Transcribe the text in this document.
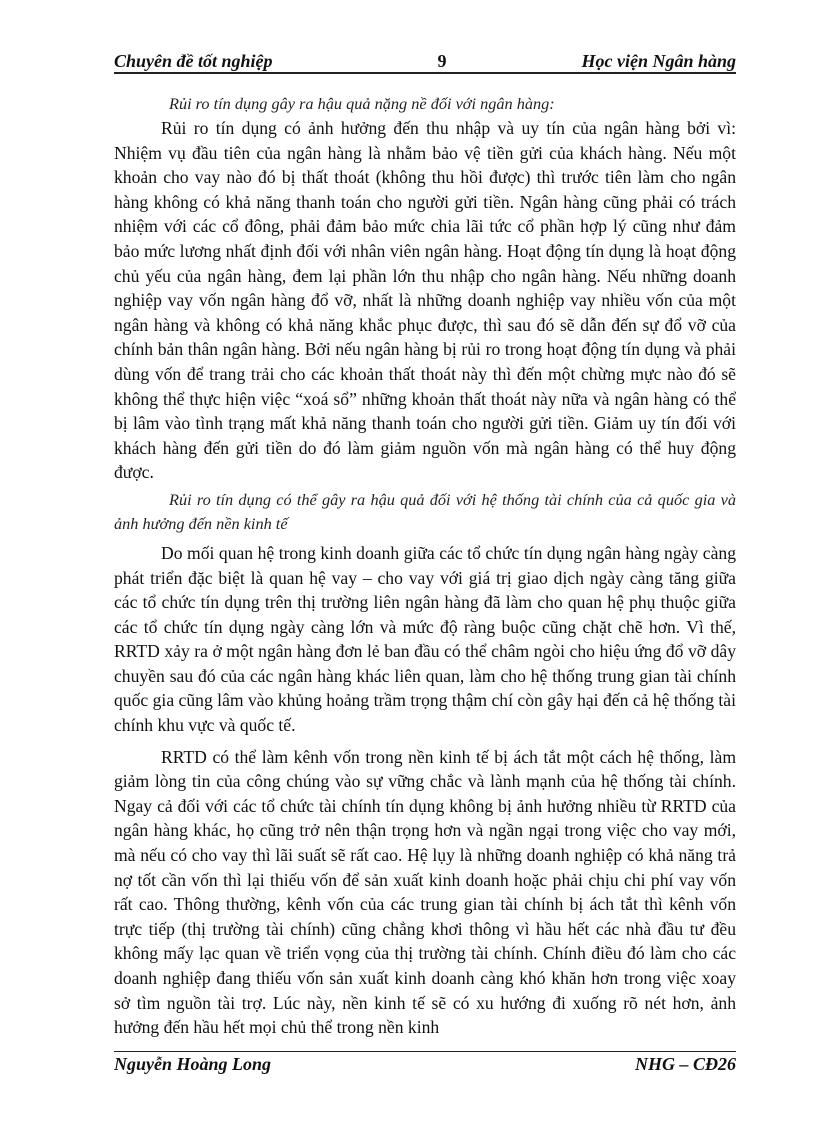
Chuyên đề tốt nghiệp	9	Học viện Ngân hàng

Rủi ro tín dụng gây ra hậu quả nặng nề đối với ngân hàng:

Rủi ro tín dụng có ảnh hưởng đến thu nhập và uy tín của ngân hàng bởi vì: Nhiệm vụ đầu tiên của ngân hàng là nhằm bảo vệ tiền gửi của khách hàng. Nếu một khoản cho vay nào đó bị thất thoát (không thu hồi được) thì trước tiên làm cho ngân hàng không có khả năng thanh toán cho người gửi tiền. Ngân hàng cũng phải có trách nhiệm với các cổ đông, phải đảm bảo mức chia lãi tức cổ phần hợp lý cũng như đảm bảo mức lương nhất định đối với nhân viên ngân hàng. Hoạt động tín dụng là hoạt động chủ yếu của ngân hàng, đem lại phần lớn thu nhập cho ngân hàng. Nếu những doanh nghiệp vay vốn ngân hàng đổ vỡ, nhất là những doanh nghiệp vay nhiều vốn của một ngân hàng và không có khả năng khắc phục được, thì sau đó sẽ dẫn đến sự đổ vỡ của chính bản thân ngân hàng. Bởi nếu ngân hàng bị rủi ro trong hoạt động tín dụng và phải dùng vốn để trang trải cho các khoản thất thoát này thì đến một chừng mực nào đó sẽ không thể thực hiện việc “xoá sổ” những khoản thất thoát này nữa và ngân hàng có thể bị lâm vào tình trạng mất khả năng thanh toán cho người gửi tiền. Giảm uy tín đối với khách hàng đến gửi tiền do đó làm giảm nguồn vốn mà ngân hàng có thể huy động được.

Rủi ro tín dụng có thể gây ra hậu quả đối với hệ thống tài chính của cả quốc gia và ảnh hưởng đến nền kinh tế

Do mối quan hệ trong kinh doanh giữa các tổ chức tín dụng ngân hàng ngày càng phát triển đặc biệt là quan hệ vay – cho vay với giá trị giao dịch ngày càng tăng giữa các tổ chức tín dụng trên thị trường liên ngân hàng đã làm cho quan hệ phụ thuộc giữa các tổ chức tín dụng ngày càng lớn và mức độ ràng buộc cũng chặt chẽ hơn. Vì thế, RRTD xảy ra ở một ngân hàng đơn lẻ ban đầu có thể châm ngòi cho hiệu ứng đổ vỡ dây chuyền sau đó của các ngân hàng khác liên quan, làm cho hệ thống trung gian tài chính quốc gia cũng lâm vào khủng hoảng trầm trọng thậm chí còn gây hại đến cả hệ thống tài chính khu vực và quốc tế.

RRTD có thể làm kênh vốn trong nền kinh tế bị ách tắt một cách hệ thống, làm giảm lòng tin của công chúng vào sự vững chắc và lành mạnh của hệ thống tài chính. Ngay cả đối với các tổ chức tài chính tín dụng không bị ảnh hưởng nhiều từ RRTD của ngân hàng khác, họ cũng trở nên thận trọng hơn và ngần ngại trong việc cho vay mới, mà nếu có cho vay thì lãi suất sẽ rất cao. Hệ lụy là những doanh nghiệp có khả năng trả nợ tốt cần vốn thì lại thiếu vốn để sản xuất kinh doanh hoặc phải chịu chi phí vay vốn rất cao. Thông thường, kênh vốn của các trung gian tài chính bị ách tắt thì kênh vốn trực tiếp (thị trường tài chính) cũng chẳng khơi thông vì hầu hết các nhà đầu tư đều không mấy lạc quan về triển vọng của thị trường tài chính. Chính điều đó làm cho các doanh nghiệp đang thiếu vốn sản xuất kinh doanh càng khó khăn hơn trong việc xoay sở tìm nguồn tài trợ. Lúc này, nền kinh tế sẽ có xu hướng đi xuống rõ nét hơn, ảnh hưởng đến hầu hết mọi chủ thể trong nền kinh

Nguyễn Hoàng Long	NHG – CĐ26
